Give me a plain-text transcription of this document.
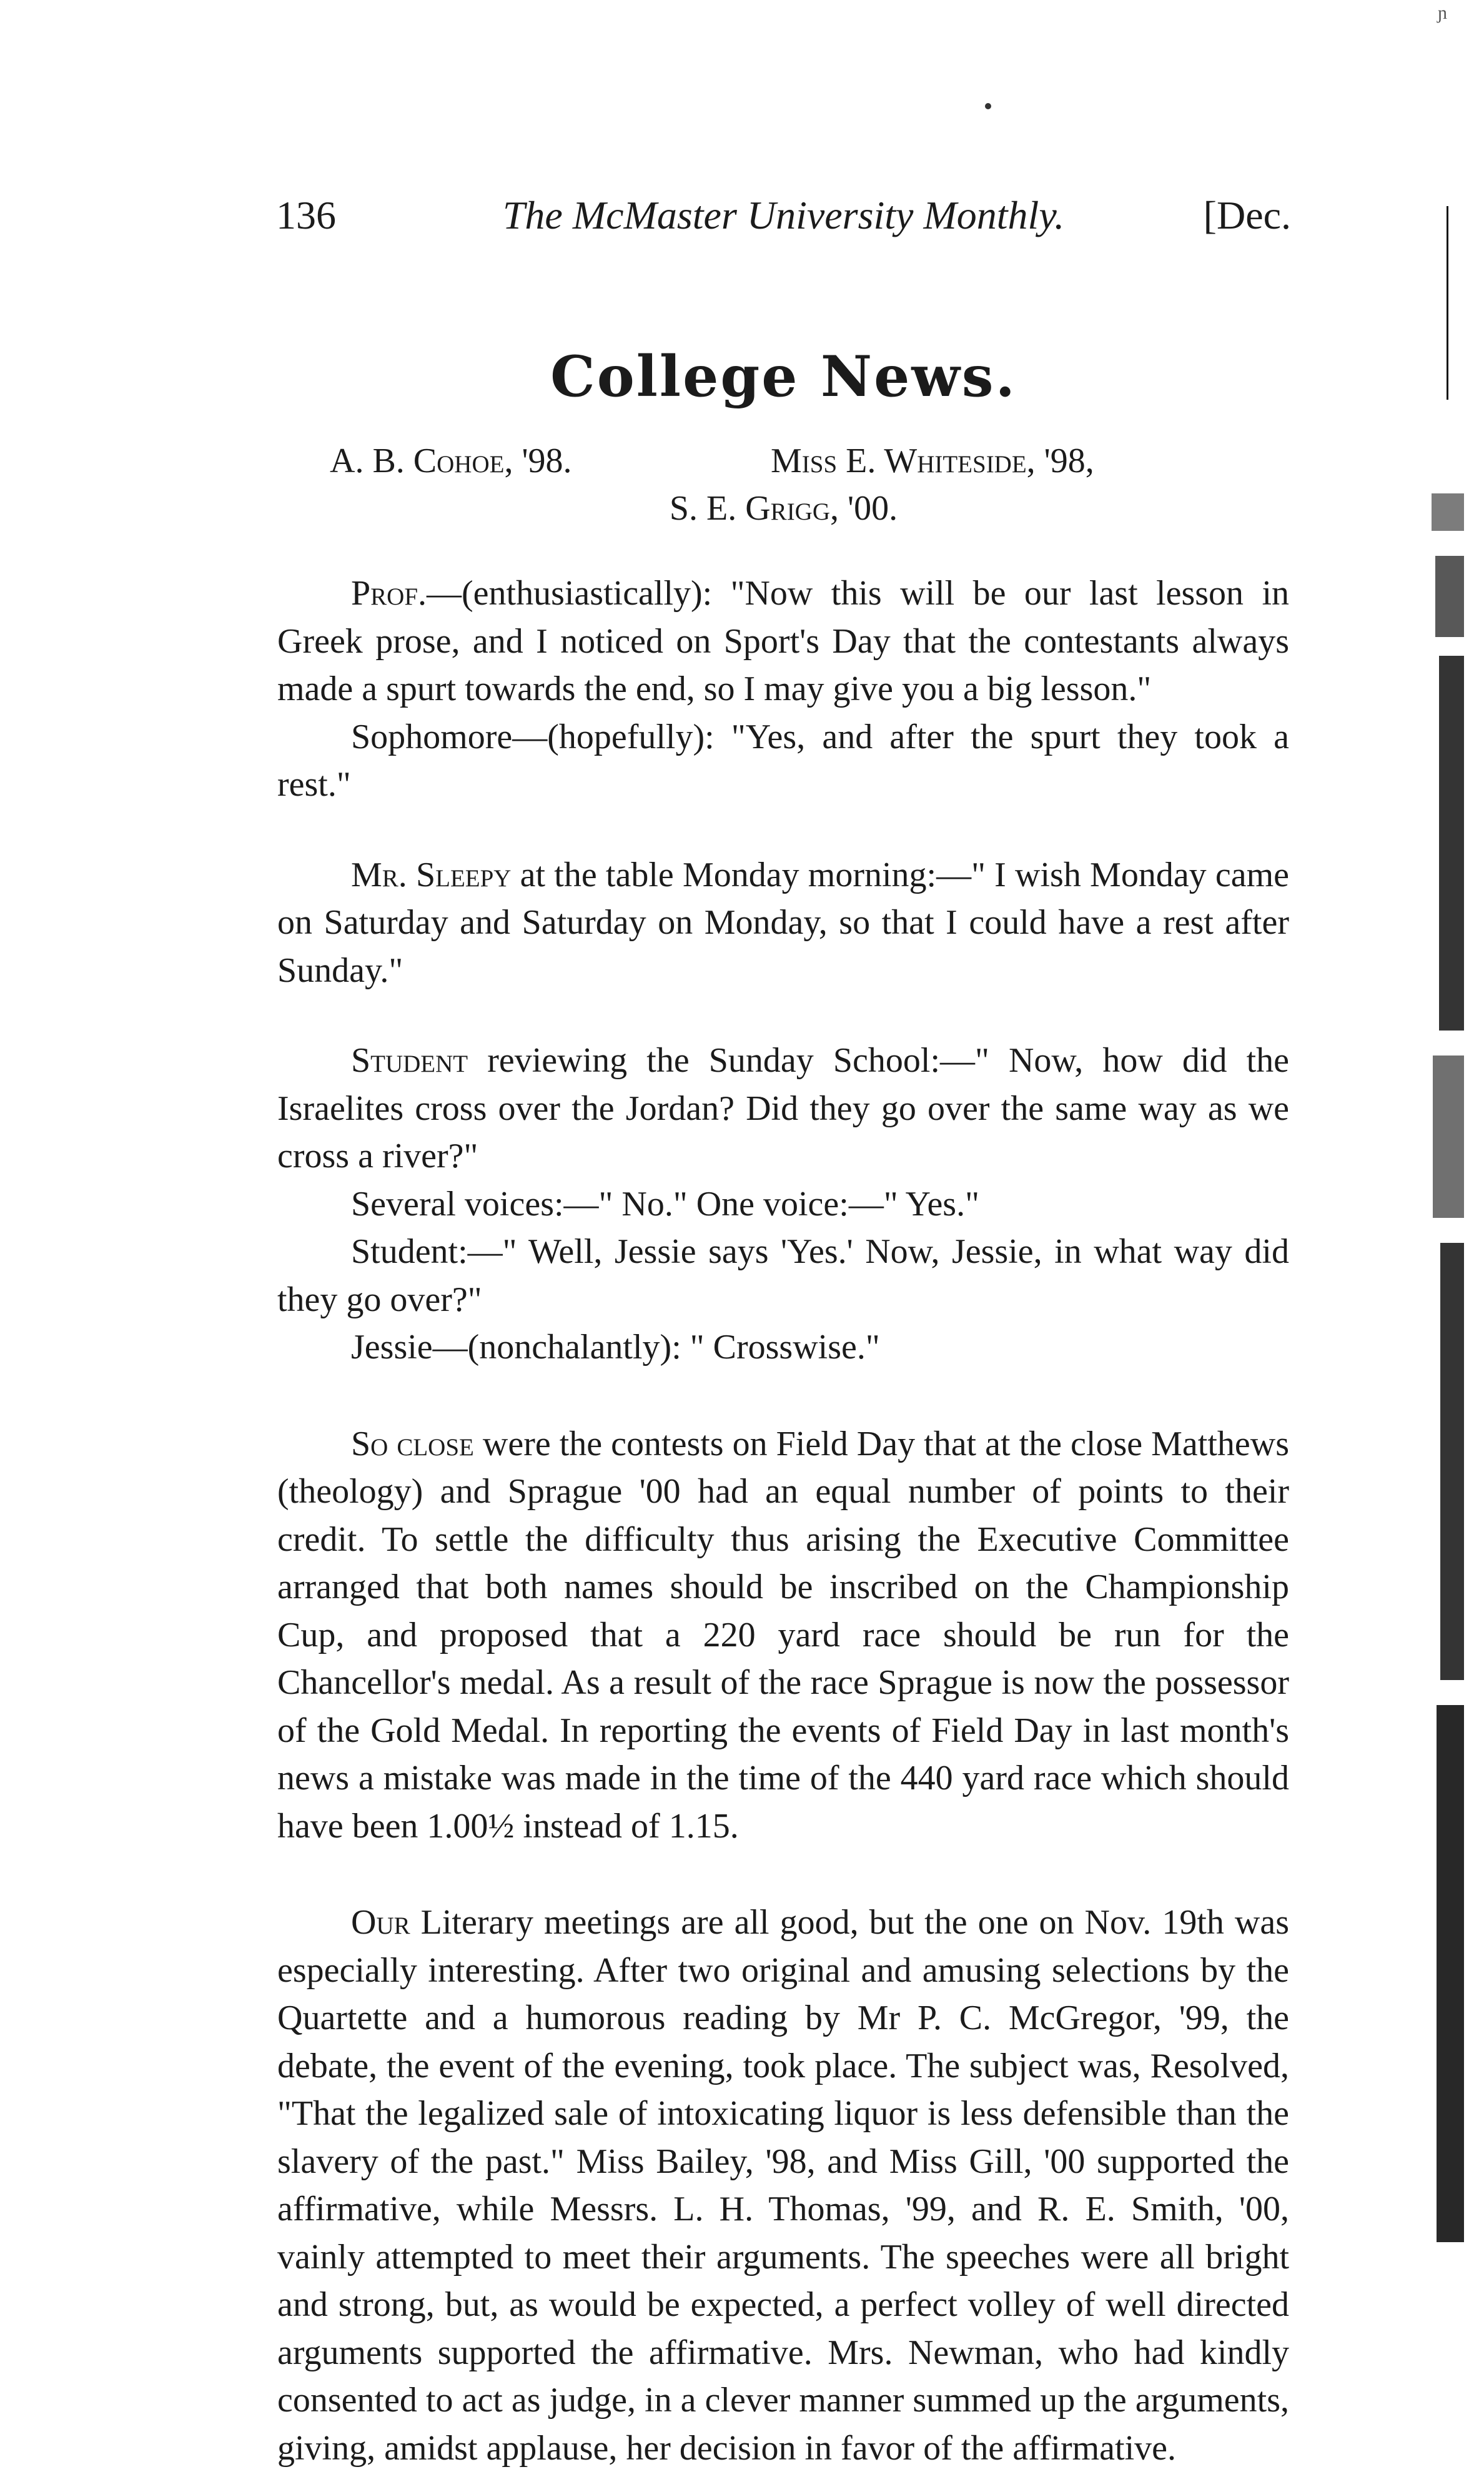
ɲ
136	The McMaster University Monthly.	[Dec.
College News.
A. B. Cohoe, '98.	Miss E. Whiteside, '98,
S. E. Grigg, '00.

Prof.—(enthusiastically): "Now this will be our last lesson in Greek prose, and I noticed on Sport's Day that the contestants always made a spurt towards the end, so I may give you a big lesson."

Sophomore—(hopefully): "Yes, and after the spurt they took a rest."

Mr. Sleepy at the table Monday morning:—" I wish Monday came on Saturday and Saturday on Monday, so that I could have a rest after Sunday."

Student reviewing the Sunday School:—" Now, how did the Israelites cross over the Jordan? Did they go over the same way as we cross a river?"

Several voices:—" No." One voice:—" Yes."

Student:—" Well, Jessie says 'Yes.' Now, Jessie, in what way did they go over?"

Jessie—(nonchalantly): " Crosswise."

So close were the contests on Field Day that at the close Matthews (theology) and Sprague '00 had an equal number of points to their credit. To settle the difficulty thus arising the Executive Committee arranged that both names should be inscribed on the Championship Cup, and proposed that a 220 yard race should be run for the Chancellor's medal. As a result of the race Sprague is now the possessor of the Gold Medal. In reporting the events of Field Day in last month's news a mistake was made in the time of the 440 yard race which should have been 1.00½ instead of 1.15.

Our Literary meetings are all good, but the one on Nov. 19th was especially interesting. After two original and amusing selections by the Quartette and a humorous reading by Mr P. C. McGregor, '99, the debate, the event of the evening, took place. The subject was, Resolved, "That the legalized sale of intoxicating liquor is less defensible than the slavery of the past." Miss Bailey, '98, and Miss Gill, '00 supported the affirmative, while Messrs. L. H. Thomas, '99, and R. E. Smith, '00, vainly attempted to meet their arguments. The speeches were all bright and strong, but, as would be expected, a perfect volley of well directed arguments supported the affirmative. Mrs. Newman, who had kindly consented to act as judge, in a clever manner summed up the arguments, giving, amidst applause, her decision in favor of the affirmative.
